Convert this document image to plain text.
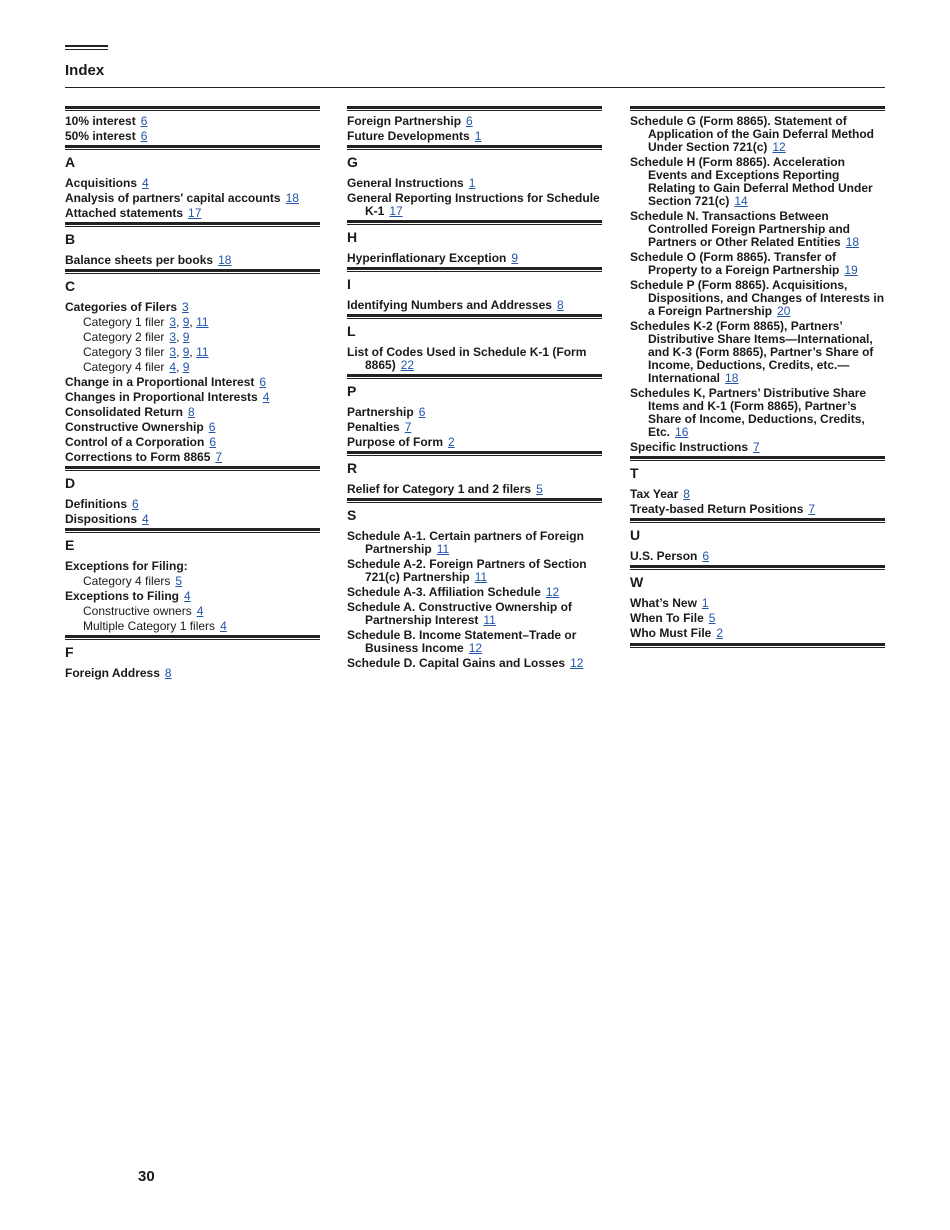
Index
10% interest 6
50% interest 6
A
Acquisitions 4
Analysis of partners' capital accounts 18
Attached statements 17
B
Balance sheets per books 18
C
Categories of Filers 3
Category 1 filer 3, 9, 11
Category 2 filer 3, 9
Category 3 filer 3, 9, 11
Category 4 filer 4, 9
Change in a Proportional Interest 6
Changes in Proportional Interests 4
Consolidated Return 8
Constructive Ownership 6
Control of a Corporation 6
Corrections to Form 8865 7
D
Definitions 6
Dispositions 4
E
Exceptions for Filing:
Category 4 filers 5
Exceptions to Filing 4
Constructive owners 4
Multiple Category 1 filers 4
F
Foreign Address 8
Foreign Partnership 6
Future Developments 1
G
General Instructions 1
General Reporting Instructions for Schedule K-1 17
H
Hyperinflationary Exception 9
I
Identifying Numbers and Addresses 8
L
List of Codes Used in Schedule K-1 (Form 8865) 22
P
Partnership 6
Penalties 7
Purpose of Form 2
R
Relief for Category 1 and 2 filers 5
S
Schedule A-1. Certain partners of Foreign Partnership 11
Schedule A-2. Foreign Partners of Section 721(c) Partnership 11
Schedule A-3. Affiliation Schedule 12
Schedule A. Constructive Ownership of Partnership Interest 11
Schedule B. Income Statement–Trade or Business Income 12
Schedule D. Capital Gains and Losses 12
Schedule G (Form 8865). Statement of Application of the Gain Deferral Method Under Section 721(c) 12
Schedule H (Form 8865). Acceleration Events and Exceptions Reporting Relating to Gain Deferral Method Under Section 721(c) 14
Schedule N. Transactions Between Controlled Foreign Partnership and Partners or Other Related Entities 18
Schedule O (Form 8865). Transfer of Property to a Foreign Partnership 19
Schedule P (Form 8865). Acquisitions, Dispositions, and Changes of Interests in a Foreign Partnership 20
Schedules K-2 (Form 8865), Partners’ Distributive Share Items—International, and K-3 (Form 8865), Partner’s Share of Income, Deductions, Credits, etc.—International 18
Schedules K, Partners’ Distributive Share Items and K-1 (Form 8865), Partner’s Share of Income, Deductions, Credits, Etc. 16
Specific Instructions 7
T
Tax Year 8
Treaty-based Return Positions 7
U
U.S. Person 6
W
What’s New 1
When To File 5
Who Must File 2
30
